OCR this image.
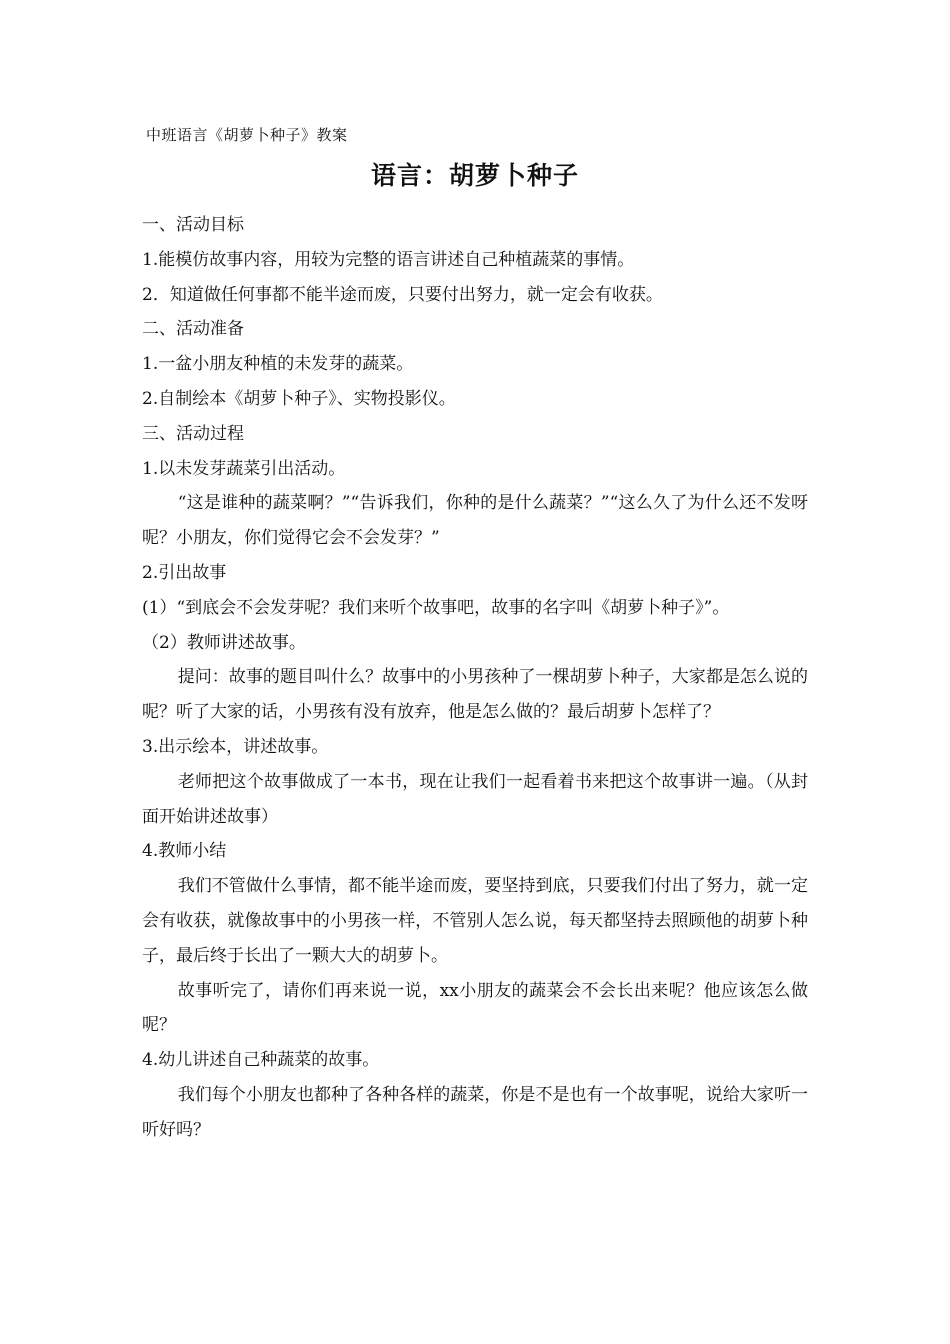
中班语言《胡萝卜种子》教案
语言：胡萝卜种子

一、活动目标

1.能模仿故事内容，用较为完整的语言讲述自己种植蔬菜的事情。

2．知道做任何事都不能半途而废，只要付出努力，就一定会有收获。

二、活动准备

1.一盆小朋友种植的未发芽的蔬菜。

2.自制绘本《胡萝卜种子》、实物投影仪。

三、活动过程

1.以未发芽蔬菜引出活动。

“这是谁种的蔬菜啊？”“告诉我们，你种的是什么蔬菜？”“这么久了为什么还不发呀呢？小朋友，你们觉得它会不会发芽？”

2.引出故事

(1）“到底会不会发芽呢？我们来听个故事吧，故事的名字叫《胡萝卜种子》”。

（2）教师讲述故事。

提问：故事的题目叫什么？故事中的小男孩种了一棵胡萝卜种子，大家都是怎么说的呢？听了大家的话，小男孩有没有放弃，他是怎么做的？最后胡萝卜怎样了？

3.出示绘本，讲述故事。

老师把这个故事做成了一本书，现在让我们一起看着书来把这个故事讲一遍。（从封面开始讲述故事）

4.教师小结

我们不管做什么事情，都不能半途而废，要坚持到底，只要我们付出了努力，就一定会有收获，就像故事中的小男孩一样，不管别人怎么说，每天都坚持去照顾他的胡萝卜种子，最后终于长出了一颗大大的胡萝卜。

故事听完了，请你们再来说一说，xx小朋友的蔬菜会不会长出来呢？他应该怎么做呢？

4.幼儿讲述自己种蔬菜的故事。

我们每个小朋友也都种了各种各样的蔬菜，你是不是也有一个故事呢，说给大家听一听好吗？
